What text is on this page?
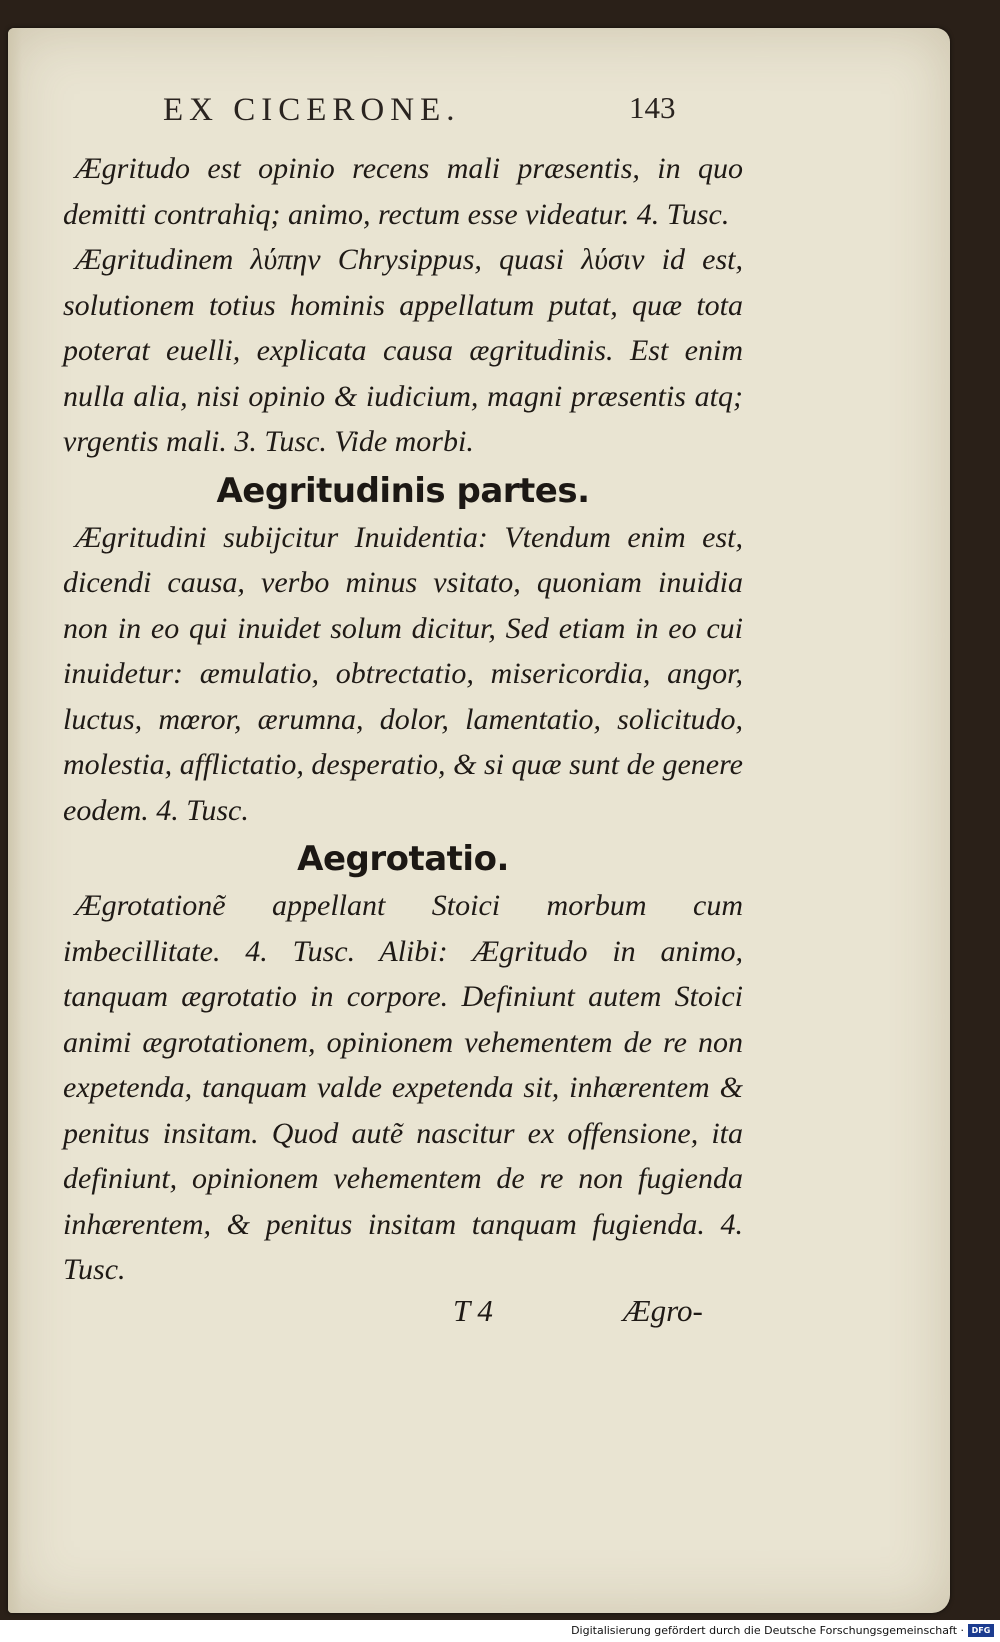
EX CICERONE.	143

Ægritudo est opinio recens mali præsentis, in quo demitti contrahiq; animo, rectum esse videatur. 4. Tusc.

Ægritudinem λύπην Chrysippus, quasi λύσιν id est, solutionem totius hominis appellatum putat, quæ tota poterat euelli, explicata causa ægritudinis. Est enim nulla alia, nisi opinio & iudicium, magni præsentis atq; vrgentis mali. 3. Tusc. Vide morbi.

Aegritudinis partes.

Ægritudini subijcitur Inuidentia: Vtendum enim est, dicendi causa, verbo minus vsitato, quoniam inuidia non in eo qui inuidet solum dicitur, Sed etiam in eo cui inuidetur: æmulatio, obtrectatio, misericordia, angor, luctus, mœror, ærumna, dolor, lamentatio, solicitudo, molestia, afflictatio, desperatio, & si quæ sunt de genere eodem. 4. Tusc.

Aegrotatio.

Ægrotationẽ appellant Stoici morbum cum imbecillitate. 4. Tusc. Alibi: Ægritudo in animo, tanquam ægrotatio in corpore. Definiunt autem Stoici animi ægrotationem, opinionem vehementem de re non expetenda, tanquam valde expetenda sit, inhærentem & penitus insitam. Quod autẽ nascitur ex offensione, ita definiunt, opinionem vehementem de re non fugienda inhærentem, & penitus insitam tanquam fugienda. 4. Tusc.

T 4	Ægro-
Digitalisierung gefördert durch die Deutsche Forschungsgemeinschaft · DFG
